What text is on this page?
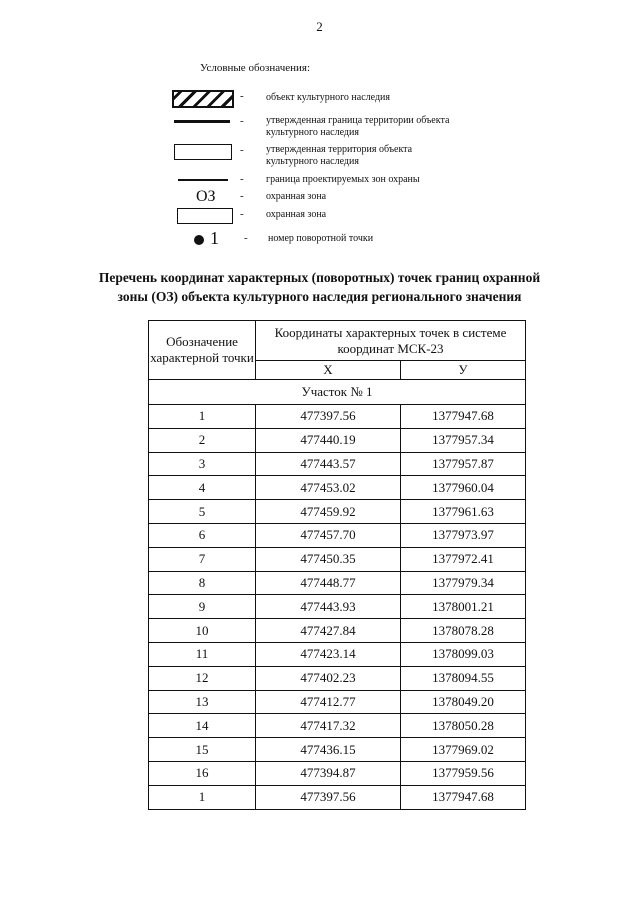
2
Условные обозначения:
- объект культурного наследия
- утвержденная граница территории объекта культурного наследия
- утвержденная территория объекта культурного наследия
- граница проектируемых зон охраны
ОЗ - охранная зона
- охранная зона
1 - номер поворотной точки
Перечень координат характерных (поворотных) точек границ охранной
зоны (ОЗ) объекта культурного наследия регионального значения
Обозначение характерной точки	Координаты характерных точек в системе координат МСК-23	
	X	У
Участок № 1		
1	477397.56	1377947.68
2	477440.19	1377957.34
3	477443.57	1377957.87
4	477453.02	1377960.04
5	477459.92	1377961.63
6	477457.70	1377973.97
7	477450.35	1377972.41
8	477448.77	1377979.34
9	477443.93	1378001.21
10	477427.84	1378078.28
11	477423.14	1378099.03
12	477402.23	1378094.55
13	477412.77	1378049.20
14	477417.32	1378050.28
15	477436.15	1377969.02
16	477394.87	1377959.56
1	477397.56	1377947.68
